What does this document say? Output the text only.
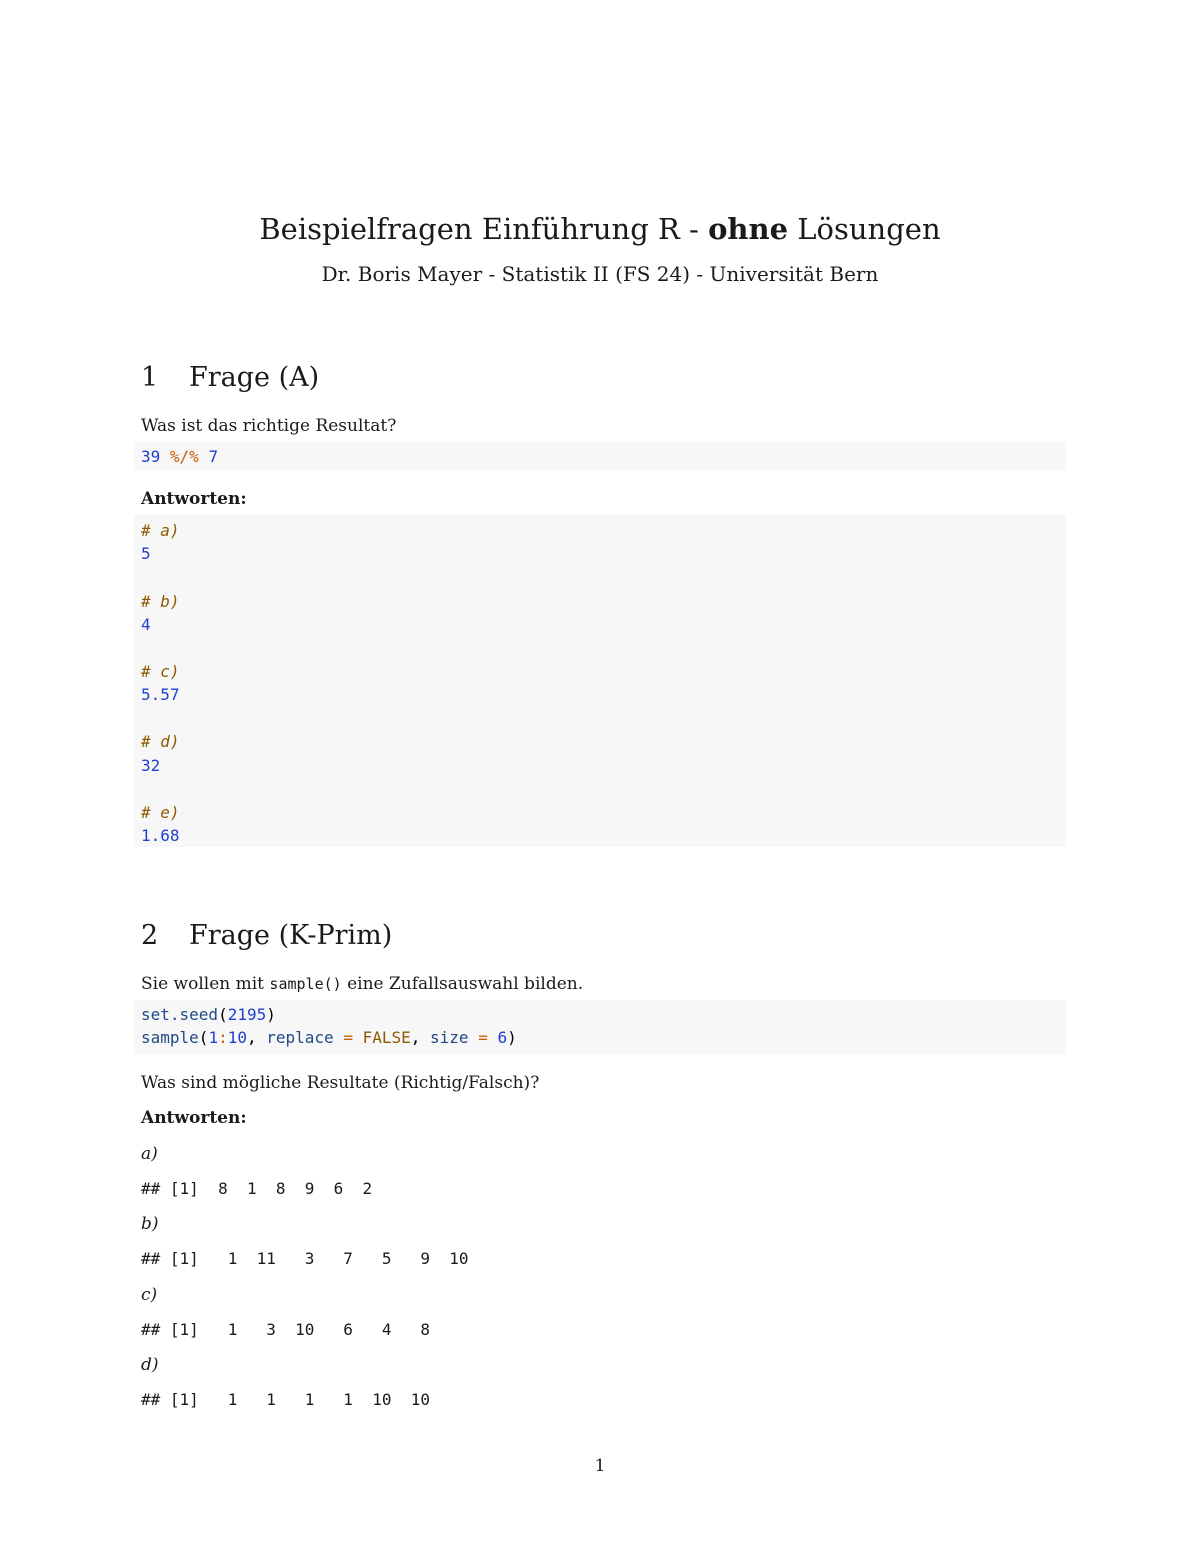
Beispielfragen Einführung R - ohne Lösungen
Dr. Boris Mayer - Statistik II (FS 24) - Universität Bern
1 Frage (A)
Was ist das richtige Resultat?
39 %/% 7
Antworten:
# a)
5
# b)
4
# c)
5.57
# d)
32
# e)
1.68
2 Frage (K-Prim)
Sie wollen mit sample() eine Zufallsauswahl bilden.
set.seed(2195)
sample(1:10, replace = FALSE, size = 6)
Was sind mögliche Resultate (Richtig/Falsch)?
Antworten:
a)
## [1]  8  1  8  9  6  2
b)
## [1]   1  11   3   7   5   9  10
c)
## [1]   1   3  10   6   4   8
d)
## [1]   1   1   1   1  10  10
1
